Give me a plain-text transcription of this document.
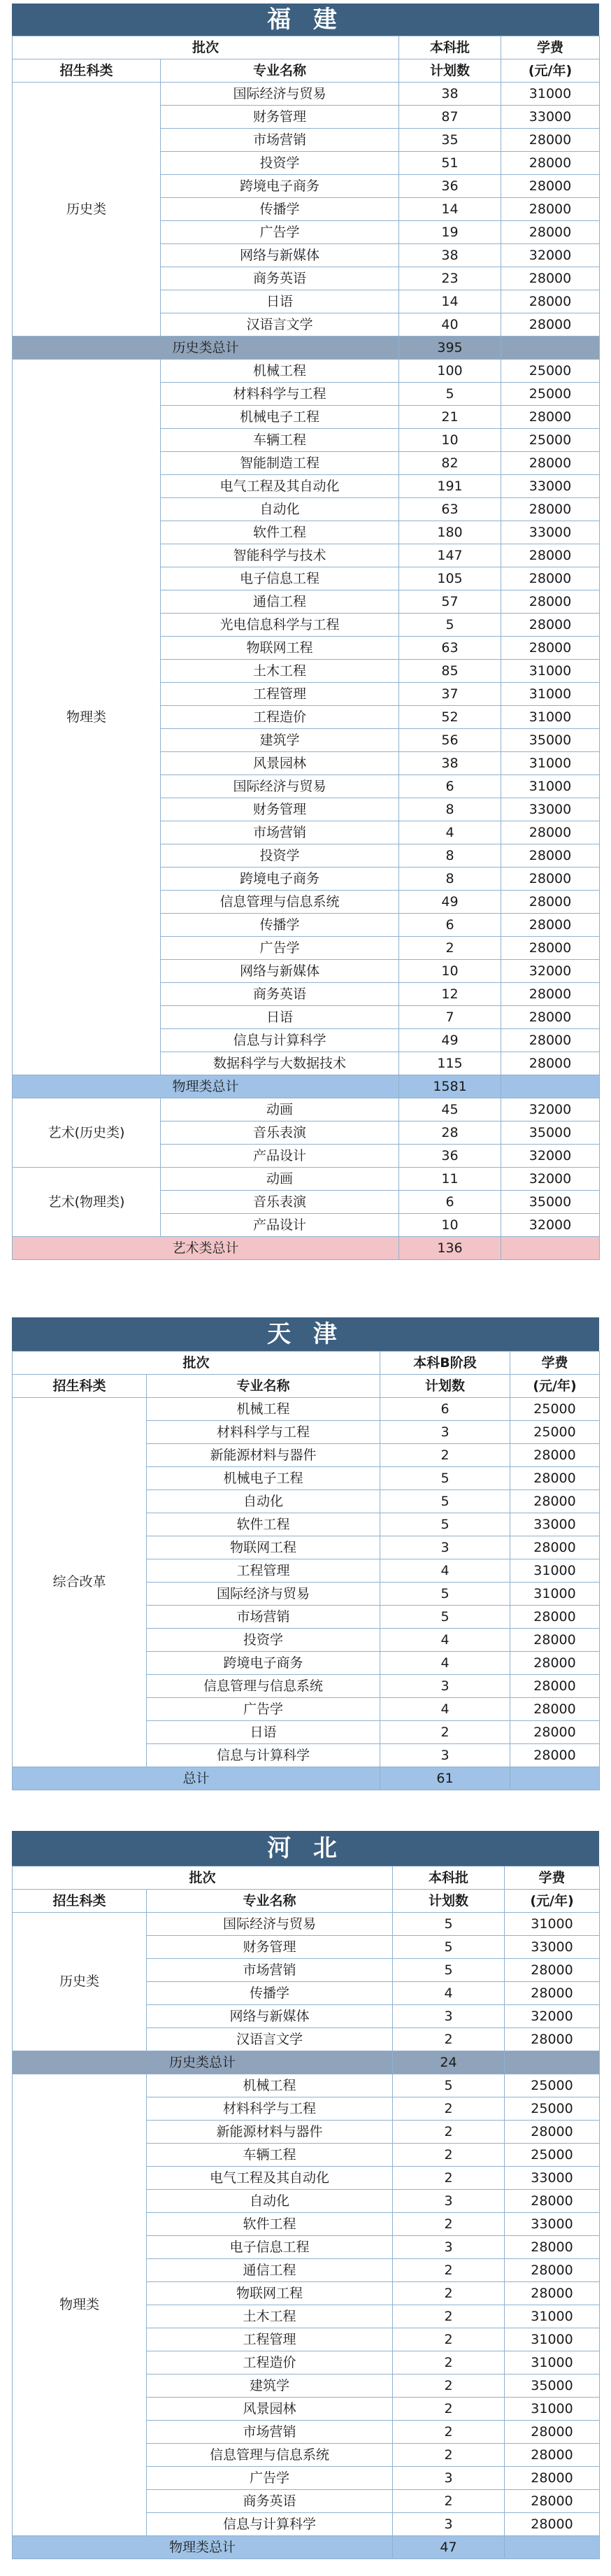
福 建
批次		本科批	学费
招生科类	专业名称	计划数	(元/年)
历史类	国际经济与贸易	38	31000
	财务管理	87	33000
	市场营销	35	28000
	投资学	51	28000
	跨境电子商务	36	28000
	传播学	14	28000
	广告学	19	28000
	网络与新媒体	38	32000
	商务英语	23	28000
	日语	14	28000
	汉语言文学	40	28000
历史类总计		395	
物理类	机械工程	100	25000
	材料科学与工程	5	25000
	机械电子工程	21	28000
	车辆工程	10	25000
	智能制造工程	82	28000
	电气工程及其自动化	191	33000
	自动化	63	28000
	软件工程	180	33000
	智能科学与技术	147	28000
	电子信息工程	105	28000
	通信工程	57	28000
	光电信息科学与工程	5	28000
	物联网工程	63	28000
	土木工程	85	31000
	工程管理	37	31000
	工程造价	52	31000
	建筑学	56	35000
	风景园林	38	31000
	国际经济与贸易	6	31000
	财务管理	8	33000
	市场营销	4	28000
	投资学	8	28000
	跨境电子商务	8	28000
	信息管理与信息系统	49	28000
	传播学	6	28000
	广告学	2	28000
	网络与新媒体	10	32000
	商务英语	12	28000
	日语	7	28000
	信息与计算科学	49	28000
	数据科学与大数据技术	115	28000
物理类总计		1581	
艺术(历史类)	动画	45	32000
	音乐表演	28	35000
	产品设计	36	32000
艺术(物理类)	动画	11	32000
	音乐表演	6	35000
	产品设计	10	32000
艺术类总计		136	
天 津
批次		本科B阶段	学费
招生科类	专业名称	计划数	(元/年)
综合改革	机械工程	6	25000
	材料科学与工程	3	25000
	新能源材料与器件	2	28000
	机械电子工程	5	28000
	自动化	5	28000
	软件工程	5	33000
	物联网工程	3	28000
	工程管理	4	31000
	国际经济与贸易	5	31000
	市场营销	5	28000
	投资学	4	28000
	跨境电子商务	4	28000
	信息管理与信息系统	3	28000
	广告学	4	28000
	日语	2	28000
	信息与计算科学	3	28000
总计		61	
河 北
批次		本科批	学费
招生科类	专业名称	计划数	(元/年)
历史类	国际经济与贸易	5	31000
	财务管理	5	33000
	市场营销	5	28000
	传播学	4	28000
	网络与新媒体	3	32000
	汉语言文学	2	28000
历史类总计		24	
物理类	机械工程	5	25000
	材料科学与工程	2	25000
	新能源材料与器件	2	28000
	车辆工程	2	25000
	电气工程及其自动化	2	33000
	自动化	3	28000
	软件工程	2	33000
	电子信息工程	3	28000
	通信工程	2	28000
	物联网工程	2	28000
	土木工程	2	31000
	工程管理	2	31000
	工程造价	2	31000
	建筑学	2	35000
	风景园林	2	31000
	市场营销	2	28000
	信息管理与信息系统	2	28000
	广告学	3	28000
	商务英语	2	28000
	信息与计算科学	3	28000
物理类总计		47	
